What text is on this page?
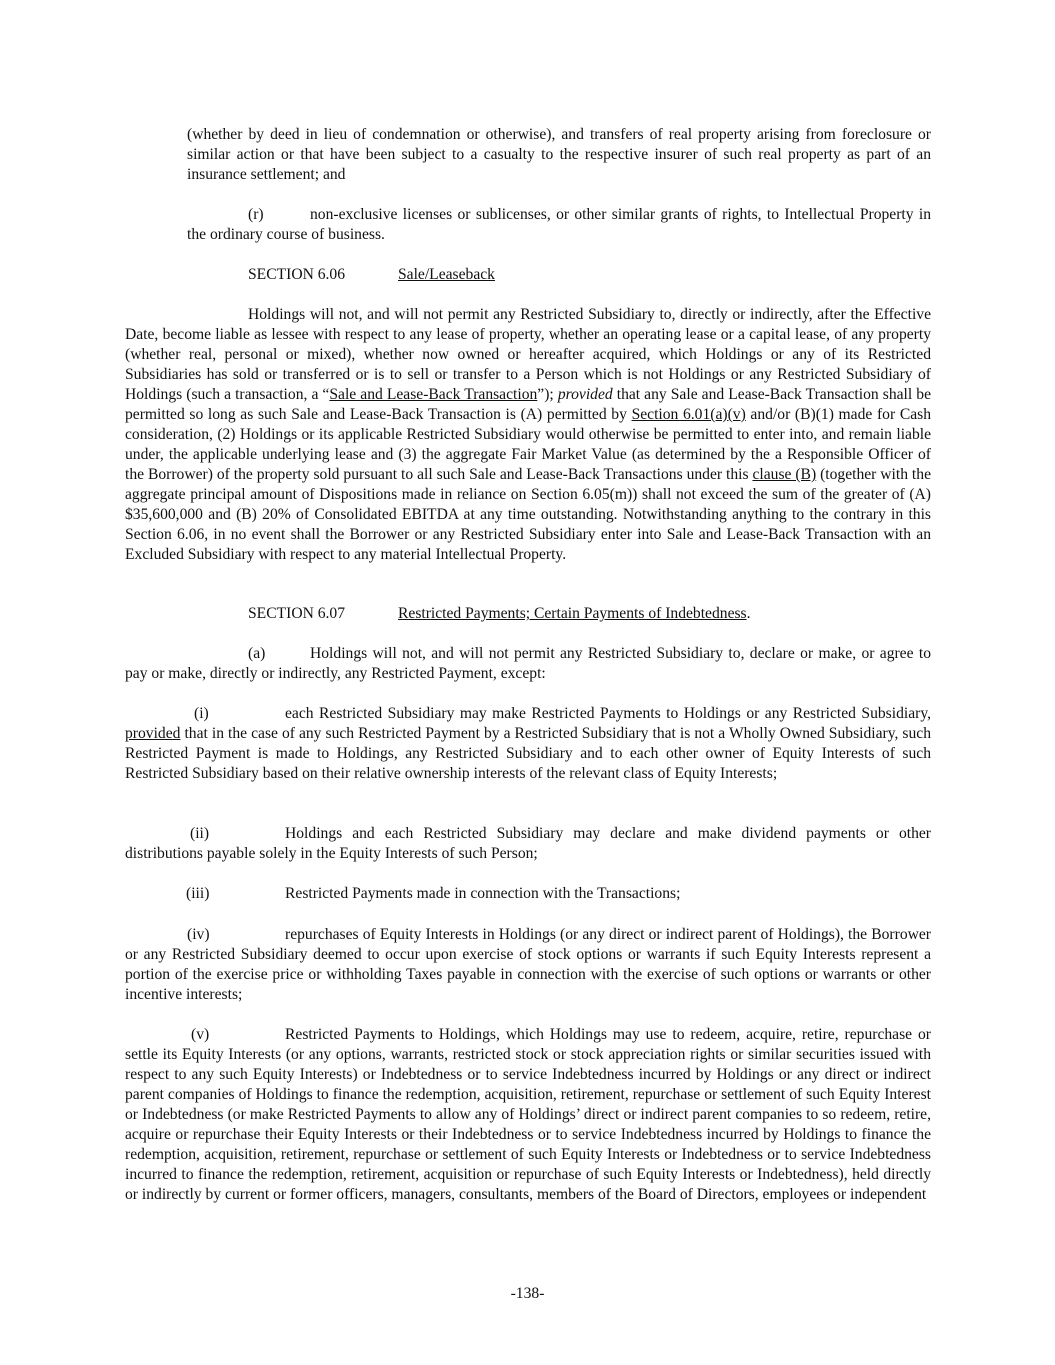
(whether by deed in lieu of condemnation or otherwise), and transfers of real property arising from foreclosure or similar action or that have been subject to a casualty to the respective insurer of such real property as part of an insurance settlement; and

(r)	non-exclusive licenses or sublicenses, or other similar grants of rights, to Intellectual Property in the ordinary course of business.

SECTION 6.06	Sale/Leaseback

Holdings will not, and will not permit any Restricted Subsidiary to, directly or indirectly, after the Effective Date, become liable as lessee with respect to any lease of property, whether an operating lease or a capital lease, of any property (whether real, personal or mixed), whether now owned or hereafter acquired, which Holdings or any of its Restricted Subsidiaries has sold or transferred or is to sell or transfer to a Person which is not Holdings or any Restricted Subsidiary of Holdings (such a transaction, a “Sale and Lease-Back Transaction”); provided that any Sale and Lease-Back Transaction shall be permitted so long as such Sale and Lease-Back Transaction is (A) permitted by Section 6.01(a)(v) and/or (B)(1) made for Cash consideration, (2) Holdings or its applicable Restricted Subsidiary would otherwise be permitted to enter into, and remain liable under, the applicable underlying lease and (3) the aggregate Fair Market Value (as determined by the a Responsible Officer of the Borrower) of the property sold pursuant to all such Sale and Lease-Back Transactions under this clause (B) (together with the aggregate principal amount of Dispositions made in reliance on Section 6.05(m)) shall not exceed the sum of the greater of (A) $35,600,000 and (B) 20% of Consolidated EBITDA at any time outstanding. Notwithstanding anything to the contrary in this Section 6.06, in no event shall the Borrower or any Restricted Subsidiary enter into Sale and Lease-Back Transaction with an Excluded Subsidiary with respect to any material Intellectual Property.

SECTION 6.07	Restricted Payments; Certain Payments of Indebtedness.

(a)	Holdings will not, and will not permit any Restricted Subsidiary to, declare or make, or agree to pay or make, directly or indirectly, any Restricted Payment, except:

(i)	each Restricted Subsidiary may make Restricted Payments to Holdings or any Restricted Subsidiary, provided that in the case of any such Restricted Payment by a Restricted Subsidiary that is not a Wholly Owned Subsidiary, such Restricted Payment is made to Holdings, any Restricted Subsidiary and to each other owner of Equity Interests of such Restricted Subsidiary based on their relative ownership interests of the relevant class of Equity Interests;

(ii)	Holdings and each Restricted Subsidiary may declare and make dividend payments or other distributions payable solely in the Equity Interests of such Person;

(iii)	Restricted Payments made in connection with the Transactions;

(iv)	repurchases of Equity Interests in Holdings (or any direct or indirect parent of Holdings), the Borrower or any Restricted Subsidiary deemed to occur upon exercise of stock options or warrants if such Equity Interests represent a portion of the exercise price or withholding Taxes payable in connection with the exercise of such options or warrants or other incentive interests;

(v)	Restricted Payments to Holdings, which Holdings may use to redeem, acquire, retire, repurchase or settle its Equity Interests (or any options, warrants, restricted stock or stock appreciation rights or similar securities issued with respect to any such Equity Interests) or Indebtedness or to service Indebtedness incurred by Holdings or any direct or indirect parent companies of Holdings to finance the redemption, acquisition, retirement, repurchase or settlement of such Equity Interest or Indebtedness (or make Restricted Payments to allow any of Holdings’ direct or indirect parent companies to so redeem, retire, acquire or repurchase their Equity Interests or their Indebtedness or to service Indebtedness incurred by Holdings to finance the redemption, acquisition, retirement, repurchase or settlement of such Equity Interests or Indebtedness or to service Indebtedness incurred to finance the redemption, retirement, acquisition or repurchase of such Equity Interests or Indebtedness), held directly or indirectly by current or former officers, managers, consultants, members of the Board of Directors, employees or independent

-138-
